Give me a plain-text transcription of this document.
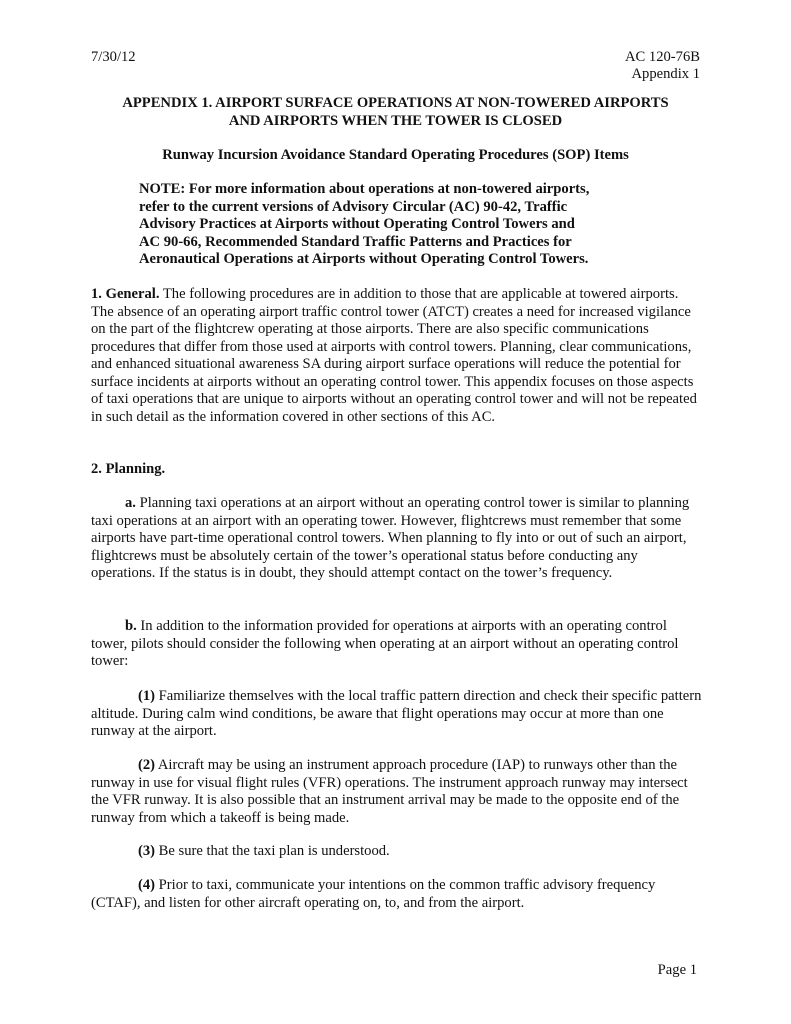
7/30/12	AC 120-76B
Appendix 1
APPENDIX 1. AIRPORT SURFACE OPERATIONS AT NON-TOWERED AIRPORTS
AND AIRPORTS WHEN THE TOWER IS CLOSED
Runway Incursion Avoidance Standard Operating Procedures (SOP) Items
NOTE: For more information about operations at non-towered airports,
refer to the current versions of Advisory Circular (AC) 90-42, Traffic
Advisory Practices at Airports without Operating Control Towers and
AC 90-66, Recommended Standard Traffic Patterns and Practices for
Aeronautical Operations at Airports without Operating Control Towers.

1. General. The following procedures are in addition to those that are applicable at towered airports. The absence of an operating airport traffic control tower (ATCT) creates a need for increased vigilance on the part of the flightcrew operating at those airports. There are also specific communications procedures that differ from those used at airports with control towers. Planning, clear communications, and enhanced situational awareness SA during airport surface operations will reduce the potential for surface incidents at airports without an operating control tower. This appendix focuses on those aspects of taxi operations that are unique to airports without an operating control tower and will not be repeated in such detail as the information covered in other sections of this AC.

2. Planning.

a. Planning taxi operations at an airport without an operating control tower is similar to planning taxi operations at an airport with an operating tower. However, flightcrews must remember that some airports have part-time operational control towers. When planning to fly into or out of such an airport, flightcrews must be absolutely certain of the tower’s operational status before conducting any operations. If the status is in doubt, they should attempt contact on the tower’s frequency.

b. In addition to the information provided for operations at airports with an operating control tower, pilots should consider the following when operating at an airport without an operating control tower:

(1) Familiarize themselves with the local traffic pattern direction and check their specific pattern altitude. During calm wind conditions, be aware that flight operations may occur at more than one runway at the airport.

(2) Aircraft may be using an instrument approach procedure (IAP) to runways other than the runway in use for visual flight rules (VFR) operations. The instrument approach runway may intersect the VFR runway. It is also possible that an instrument arrival may be made to the opposite end of the runway from which a takeoff is being made.

(3) Be sure that the taxi plan is understood.

(4) Prior to taxi, communicate your intentions on the common traffic advisory frequency (CTAF), and listen for other aircraft operating on, to, and from the airport.

Page 1
